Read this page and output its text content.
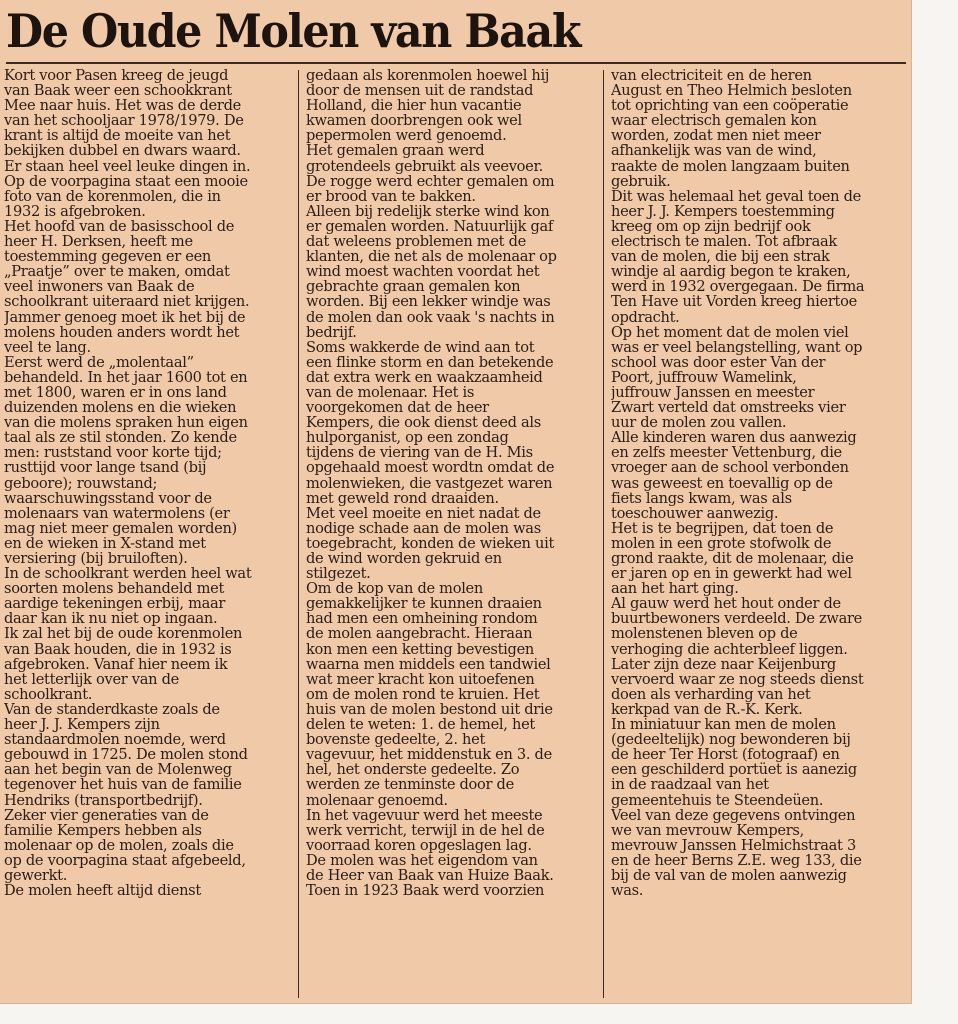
De Oude Molen van Baak

Kort voor Pasen kreeg de jeugd

van Baak weer een schookkrant

Mee naar huis. Het was de derde

van het schooljaar 1978/1979. De

krant is altijd de moeite van het

bekijken dubbel en dwars waard.

Er staan heel veel leuke dingen in.

Op de voorpagina staat een mooie

foto van de korenmolen, die in

1932 is afgebroken.

Het hoofd van de basisschool de

heer H. Derksen, heeft me

toestemming gegeven er een

„Praatje” over te maken, omdat

veel inwoners van Baak de

schoolkrant uiteraard niet krijgen.

Jammer genoeg moet ik het bij de

molens houden anders wordt het

veel te lang.

Eerst werd de „molentaal”

behandeld. In het jaar 1600 tot en

met 1800, waren er in ons land

duizenden molens en die wieken

van die molens spraken hun eigen

taal als ze stil stonden. Zo kende

men: ruststand voor korte tijd;

rusttijd voor lange tsand (bij

geboore); rouwstand;

waarschuwingsstand voor de

molenaars van watermolens (er

mag niet meer gemalen worden)

en de wieken in X-stand met

versiering (bij bruiloften).

In de schoolkrant werden heel wat

soorten molens behandeld met

aardige tekeningen erbij, maar

daar kan ik nu niet op ingaan.

Ik zal het bij de oude korenmolen

van Baak houden, die in 1932 is

afgebroken. Vanaf hier neem ik

het letterlijk over van de

schoolkrant.

Van de standerdkaste zoals de

heer J. J. Kempers zijn

standaardmolen noemde, werd

gebouwd in 1725. De molen stond

aan het begin van de Molenweg

tegenover het huis van de familie

Hendriks (transportbedrijf).

Zeker vier generaties van de

familie Kempers hebben als

molenaar op de molen, zoals die

op de voorpagina staat afgebeeld,

gewerkt.

De molen heeft altijd dienst

gedaan als korenmolen hoewel hij

door de mensen uit de randstad

Holland, die hier hun vacantie

kwamen doorbrengen ook wel

pepermolen werd genoemd.

Het gemalen graan werd

grotendeels gebruikt als veevoer.

De rogge werd echter gemalen om

er brood van te bakken.

Alleen bij redelijk sterke wind kon

er gemalen worden. Natuurlijk gaf

dat weleens problemen met de

klanten, die net als de molenaar op

wind moest wachten voordat het

gebrachte graan gemalen kon

worden. Bij een lekker windje was

de molen dan ook vaak 's nachts in

bedrijf.

Soms wakkerde de wind aan tot

een flinke storm en dan betekende

dat extra werk en waakzaamheid

van de molenaar. Het is

voorgekomen dat de heer

Kempers, die ook dienst deed als

hulporganist, op een zondag

tijdens de viering van de H. Mis

opgehaald moest wordtn omdat de

molenwieken, die vastgezet waren

met geweld rond draaiden.

Met veel moeite en niet nadat de

nodige schade aan de molen was

toegebracht, konden de wieken uit

de wind worden gekruid en

stilgezet.

Om de kop van de molen

gemakkelijker te kunnen draaien

had men een omheining rondom

de molen aangebracht. Hieraan

kon men een ketting bevestigen

waarna men middels een tandwiel

wat meer kracht kon uitoefenen

om de molen rond te kruien. Het

huis van de molen bestond uit drie

delen te weten: 1. de hemel, het

bovenste gedeelte, 2. het

vagevuur, het middenstuk en 3. de

hel, het onderste gedeelte. Zo

werden ze tenminste door de

molenaar genoemd.

In het vagevuur werd het meeste

werk verricht, terwijl in de hel de

voorraad koren opgeslagen lag.

De molen was het eigendom van

de Heer van Baak van Huize Baak.

Toen in 1923 Baak werd voorzien

van electriciteit en de heren

August en Theo Helmich besloten

tot oprichting van een coöperatie

waar electrisch gemalen kon

worden, zodat men niet meer

afhankelijk was van de wind,

raakte de molen langzaam buiten

gebruik.

Dit was helemaal het geval toen de

heer J. J. Kempers toestemming

kreeg om op zijn bedrijf ook

electrisch te malen. Tot afbraak

van de molen, die bij een strak

windje al aardig begon te kraken,

werd in 1932 overgegaan. De firma

Ten Have uit Vorden kreeg hiertoe

opdracht.

Op het moment dat de molen viel

was er veel belangstelling, want op

school was door ester Van der

Poort, juffrouw Wamelink,

juffrouw Janssen en meester

Zwart verteld dat omstreeks vier

uur de molen zou vallen.

Alle kinderen waren dus aanwezig

en zelfs meester Vettenburg, die

vroeger aan de school verbonden

was geweest en toevallig op de

fiets langs kwam, was als

toeschouwer aanwezig.

Het is te begrijpen, dat toen de

molen in een grote stofwolk de

grond raakte, dit de molenaar, die

er jaren op en in gewerkt had wel

aan het hart ging.

Al gauw werd het hout onder de

buurtbewoners verdeeld. De zware

molenstenen bleven op de

verhoging die achterbleef liggen.

Later zijn deze naar Keijenburg

vervoerd waar ze nog steeds dienst

doen als verharding van het

kerkpad van de R.-K. Kerk.

In miniatuur kan men de molen

(gedeeltelijk) nog bewonderen bij

de heer Ter Horst (fotograaf) en

een geschilderd portüet is aanezig

in de raadzaal van het

gemeentehuis te Steendeüen.

Veel van deze gegevens ontvingen

we van mevrouw Kempers,

mevrouw Janssen Helmichstraat 3

en de heer Berns Z.E. weg 133, die

bij de val van de molen aanwezig

was.
